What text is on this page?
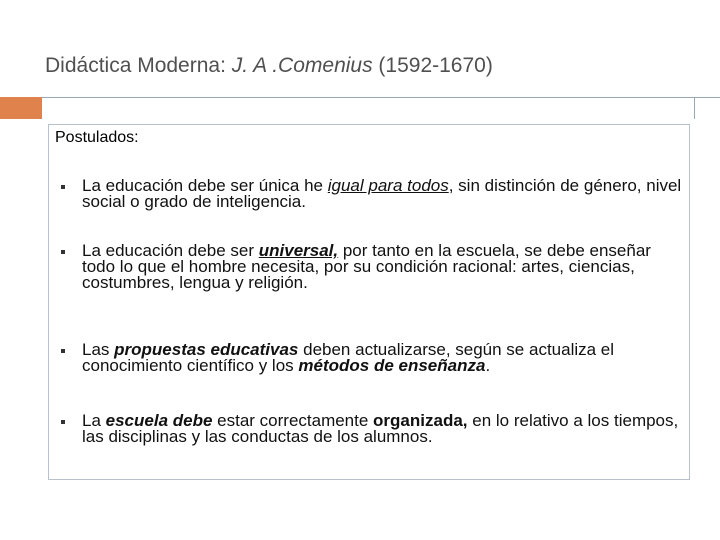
Didáctica Moderna: J. A .Comenius (1592-1670)
Postulados:
La educación debe ser única he igual para todos, sin distinción de género, nivel social o grado de inteligencia.
La educación debe ser universal, por tanto en la escuela, se debe enseñar todo lo que el hombre necesita, por su condición racional: artes, ciencias, costumbres, lengua y religión.
Las propuestas educativas deben actualizarse, según se actualiza el conocimiento científico y los métodos de enseñanza.
La escuela debe estar correctamente organizada, en lo relativo a los tiempos, las disciplinas y las conductas de los alumnos.
